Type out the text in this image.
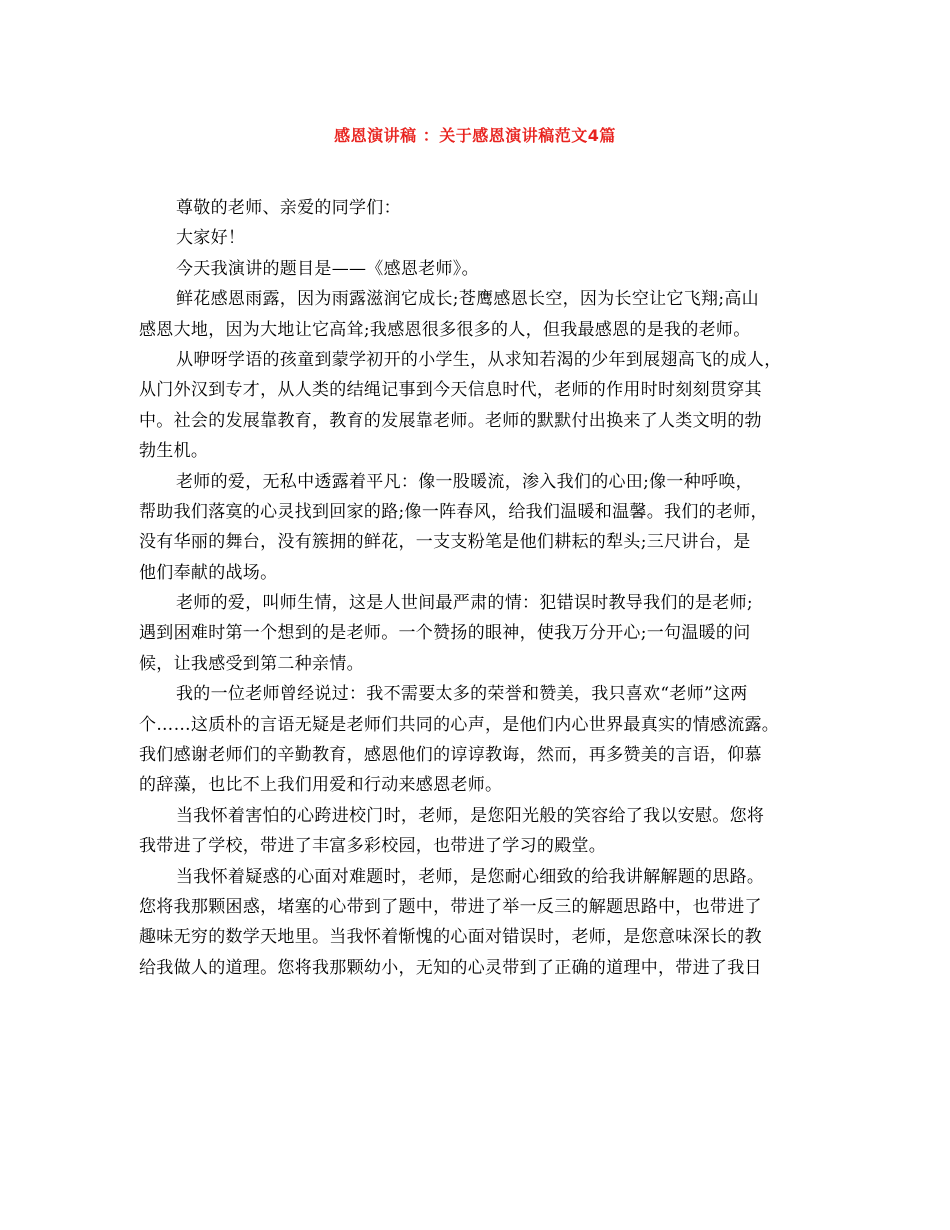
感恩演讲稿 ：关于感恩演讲稿范文4篇
尊敬的老师、亲爱的同学们：
大家好！
今天我演讲的题目是——《感恩老师》。
鲜花感恩雨露，因为雨露滋润它成长;苍鹰感恩长空，因为长空让它飞翔;高山
感恩大地，因为大地让它高耸;我感恩很多很多的人，但我最感恩的是我的老师。
从咿呀学语的孩童到蒙学初开的小学生，从求知若渴的少年到展翅高飞的成人，
从门外汉到专才，从人类的结绳记事到今天信息时代，老师的作用时时刻刻贯穿其
中。社会的发展靠教育，教育的发展靠老师。老师的默默付出换来了人类文明的勃
勃生机。
老师的爱，无私中透露着平凡：像一股暖流，渗入我们的心田;像一种呼唤，
帮助我们落寞的心灵找到回家的路;像一阵春风，给我们温暖和温馨。我们的老师，
没有华丽的舞台，没有簇拥的鲜花，一支支粉笔是他们耕耘的犁头;三尺讲台，是
他们奉献的战场。
老师的爱，叫师生情，这是人世间最严肃的情：犯错误时教导我们的是老师;
遇到困难时第一个想到的是老师。一个赞扬的眼神，使我万分开心;一句温暖的问
候，让我感受到第二种亲情。
我的一位老师曾经说过：我不需要太多的荣誉和赞美，我只喜欢“老师”这两
个……这质朴的言语无疑是老师们共同的心声，是他们内心世界最真实的情感流露。
我们感谢老师们的辛勤教育，感恩他们的谆谆教诲，然而，再多赞美的言语，仰慕
的辞藻，也比不上我们用爱和行动来感恩老师。
当我怀着害怕的心跨进校门时，老师，是您阳光般的笑容给了我以安慰。您将
我带进了学校，带进了丰富多彩校园，也带进了学习的殿堂。
当我怀着疑惑的心面对难题时，老师，是您耐心细致的给我讲解解题的思路。
您将我那颗困惑，堵塞的心带到了题中，带进了举一反三的解题思路中，也带进了
趣味无穷的数学天地里。当我怀着惭愧的心面对错误时，老师，是您意味深长的教
给我做人的道理。您将我那颗幼小，无知的心灵带到了正确的道理中，带进了我日
